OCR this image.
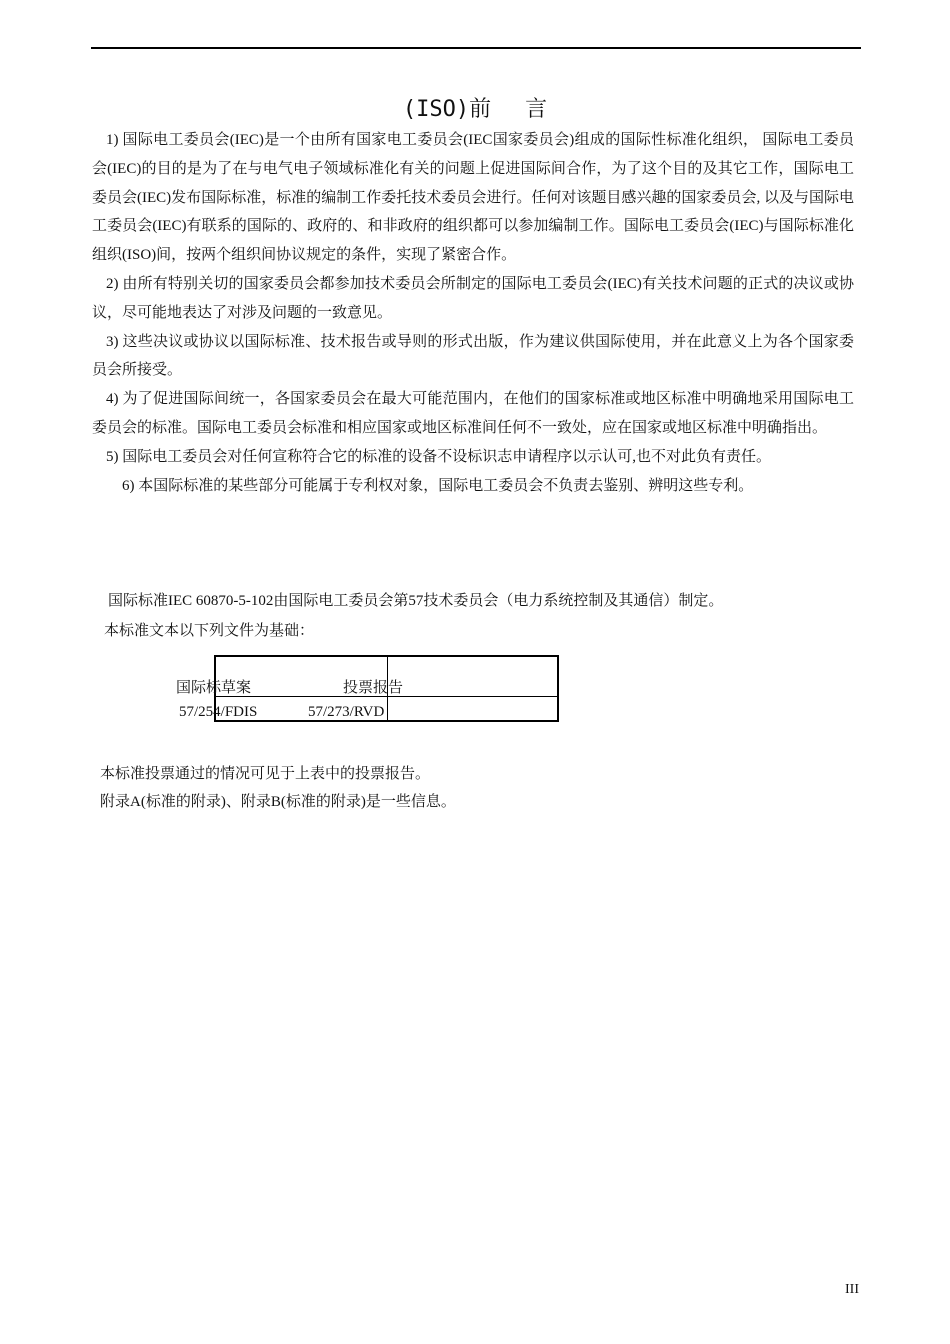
(ISO)前 言

1) 国际电工委员会(IEC)是一个由所有国家电工委员会(IEC国家委员会)组成的国际性标准化组织， 国际电工委员会(IEC)的目的是为了在与电气电子领域标准化有关的问题上促进国际间合作，为了这个目的及其它工作，国际电工委员会(IEC)发布国际标准，标准的编制工作委托技术委员会进行。任何对该题目感兴趣的国家委员会, 以及与国际电工委员会(IEC)有联系的国际的、政府的、和非政府的组织都可以参加编制工作。国际电工委员会(IEC)与国际标准化组织(ISO)间，按两个组织间协议规定的条件，实现了紧密合作。

2) 由所有特别关切的国家委员会都参加技术委员会所制定的国际电工委员会(IEC)有关技术问题的正式的决议或协议，尽可能地表达了对涉及问题的一致意见。

3) 这些决议或协议以国际标准、技术报告或导则的形式出版，作为建议供国际使用，并在此意义上为各个国家委员会所接受。

4) 为了促进国际间统一，各国家委员会在最大可能范围内，在他们的国家标准或地区标准中明确地采用国际电工委员会的标准。国际电工委员会标准和相应国家或地区标准间任何不一致处，应在国家或地区标准中明确指出。

5) 国际电工委员会对任何宣称符合它的标准的设备不设标识志申请程序以示认可,也不对此负有责任。

6) 本国际标准的某些部分可能属于专利权对象，国际电工委员会不负责去鉴别、辨明这些专利。

国际标准IEC 60870-5-102由国际电工委员会第57技术委员会（电力系统控制及其通信）制定。
本标准文本以下列文件为基础：
国际标草案	投票报告
57/254/FDIS	57/273/RVD
本标准投票通过的情况可见于上表中的投票报告。
附录A(标准的附录)、附录B(标准的附录)是一些信息。
III
